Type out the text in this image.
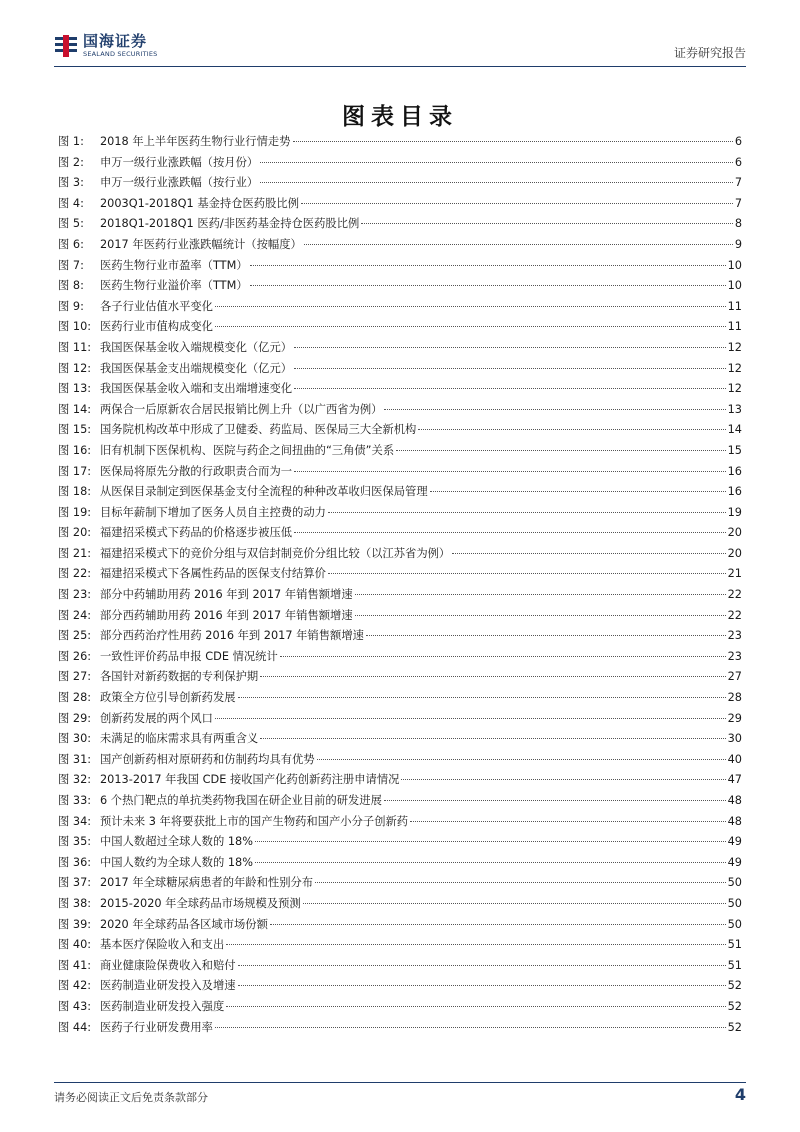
国海证券
SEALAND SECURITIES	证券研究报告
图表目录
图 1:	2018 年上半年医药生物行业行情走势	6
图 2:	申万一级行业涨跌幅（按月份）	6
图 3:	申万一级行业涨跌幅（按行业）	7
图 4:	2003Q1-2018Q1 基金持仓医药股比例	7
图 5:	2018Q1-2018Q1 医药/非医药基金持仓医药股比例	8
图 6:	2017 年医药行业涨跌幅统计（按幅度）	9
图 7:	医药生物行业市盈率（TTM）	10
图 8:	医药生物行业溢价率（TTM）	10
图 9:	各子行业估值水平变化	11
图 10: 医药行业市值构成变化	11
图 11: 我国医保基金收入端规模变化（亿元）	12
图 12: 我国医保基金支出端规模变化（亿元）	12
图 13: 我国医保基金收入端和支出端增速变化	12
图 14: 两保合一后原新农合居民报销比例上升（以广西省为例）	13
图 15: 国务院机构改革中形成了卫健委、药监局、医保局三大全新机构	14
图 16: 旧有机制下医保机构、医院与药企之间扭曲的“三角债”关系	15
图 17: 医保局将原先分散的行政职责合而为一	16
图 18: 从医保目录制定到医保基金支付全流程的种种改革收归医保局管理	16
图 19: 目标年薪制下增加了医务人员自主控费的动力	19
图 20: 福建招采模式下药品的价格逐步被压低	20
图 21: 福建招采模式下的竞价分组与双信封制竞价分组比较（以江苏省为例）	20
图 22: 福建招采模式下各属性药品的医保支付结算价	21
图 23: 部分中药辅助用药 2016 年到 2017 年销售额增速	22
图 24: 部分西药辅助用药 2016 年到 2017 年销售额增速	22
图 25: 部分西药治疗性用药 2016 年到 2017 年销售额增速	23
图 26: 一致性评价药品申报 CDE 情况统计	23
图 27: 各国针对新药数据的专利保护期	27
图 28: 政策全方位引导创新药发展	28
图 29: 创新药发展的两个风口	29
图 30: 未满足的临床需求具有两重含义	30
图 31: 国产创新药相对原研药和仿制药均具有优势	40
图 32: 2013-2017 年我国 CDE 接收国产化药创新药注册申请情况	47
图 33: 6 个热门靶点的单抗类药物我国在研企业目前的研发进展	48
图 34: 预计未来 3 年将要获批上市的国产生物药和国产小分子创新药	48
图 35: 中国人数超过全球人数的 18%	49
图 36: 中国人数约为全球人数的 18%	49
图 37: 2017 年全球糖尿病患者的年龄和性别分布	50
图 38: 2015-2020 年全球药品市场规模及预测	50
图 39: 2020 年全球药品各区域市场份额	50
图 40: 基本医疗保险收入和支出	51
图 41: 商业健康险保费收入和赔付	51
图 42: 医药制造业研发投入及增速	52
图 43: 医药制造业研发投入强度	52
图 44: 医药子行业研发费用率	52
请务必阅读正文后免责条款部分	4
